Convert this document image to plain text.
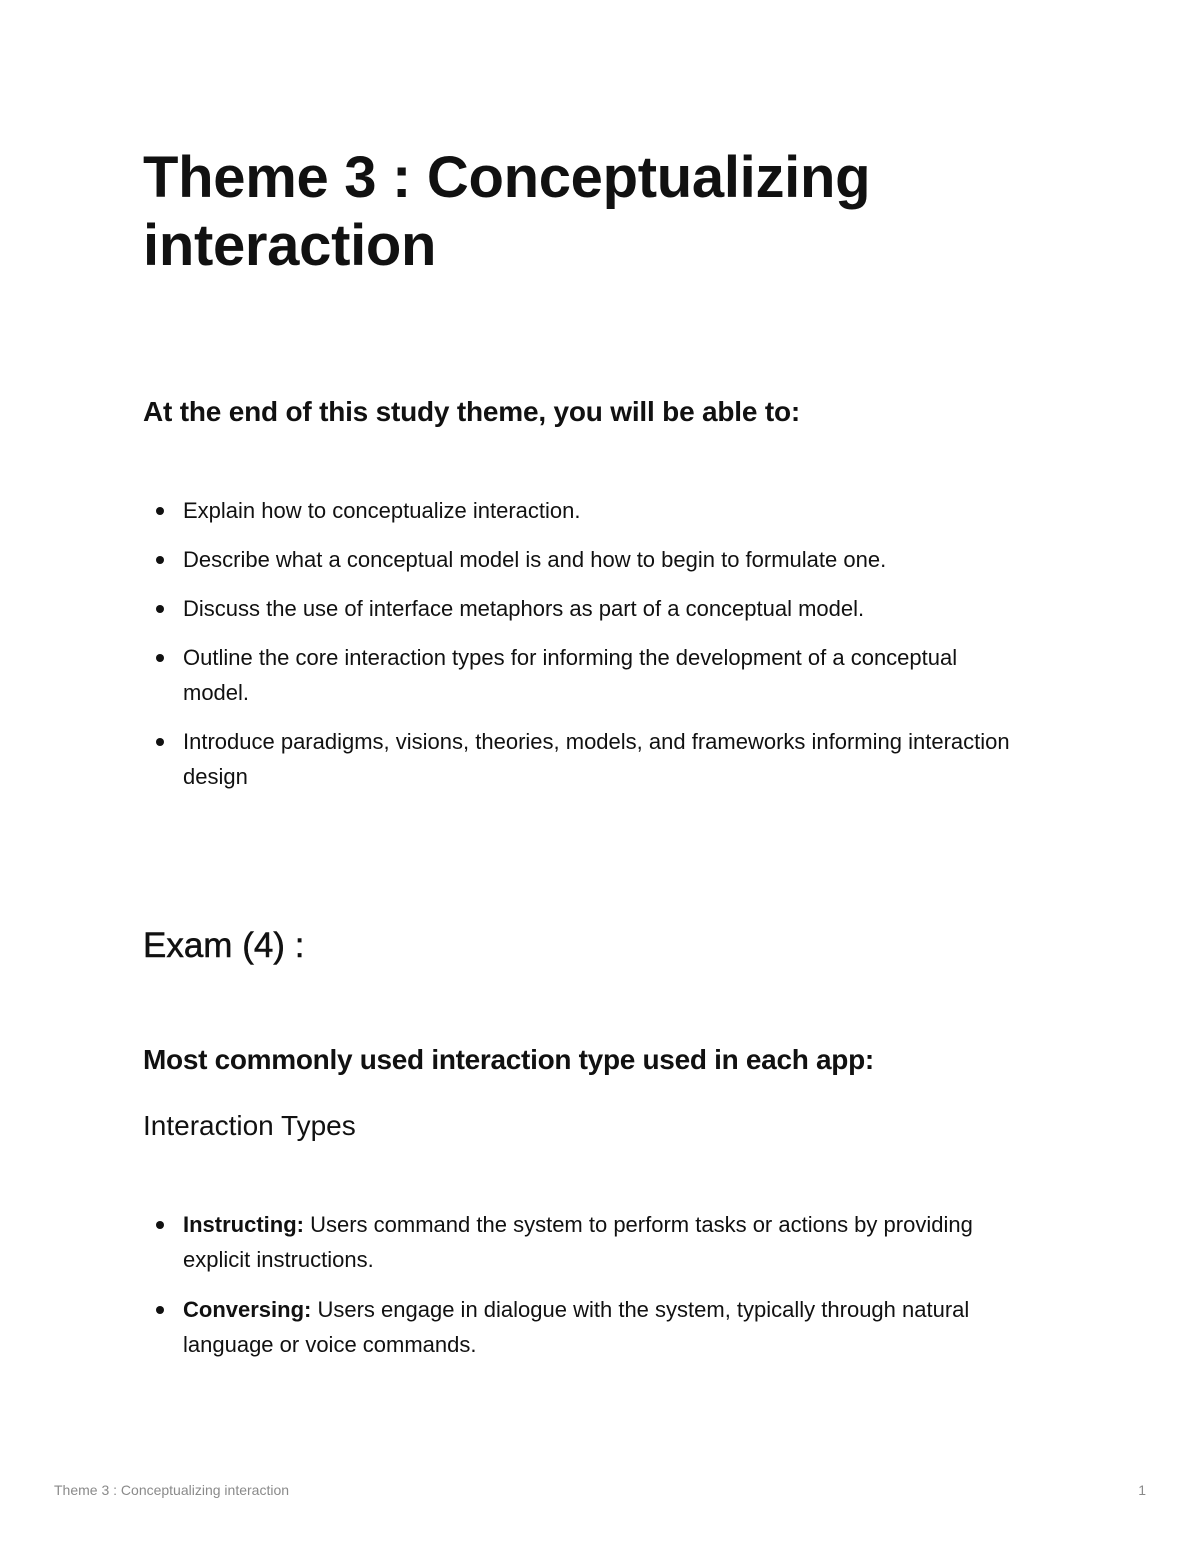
Theme 3 : Conceptualizing interaction
At the end of this study theme, you will be able to:
Explain how to conceptualize interaction.
Describe what a conceptual model is and how to begin to formulate one.
Discuss the use of interface metaphors as part of a conceptual model.
Outline the core interaction types for informing the development of a conceptual model.
Introduce paradigms, visions, theories, models, and frameworks informing interaction design
Exam (4) :
Most commonly used interaction type used in each app:
Interaction Types
Instructing: Users command the system to perform tasks or actions by providing explicit instructions.
Conversing: Users engage in dialogue with the system, typically through natural language or voice commands.
Theme 3 : Conceptualizing interaction	1
